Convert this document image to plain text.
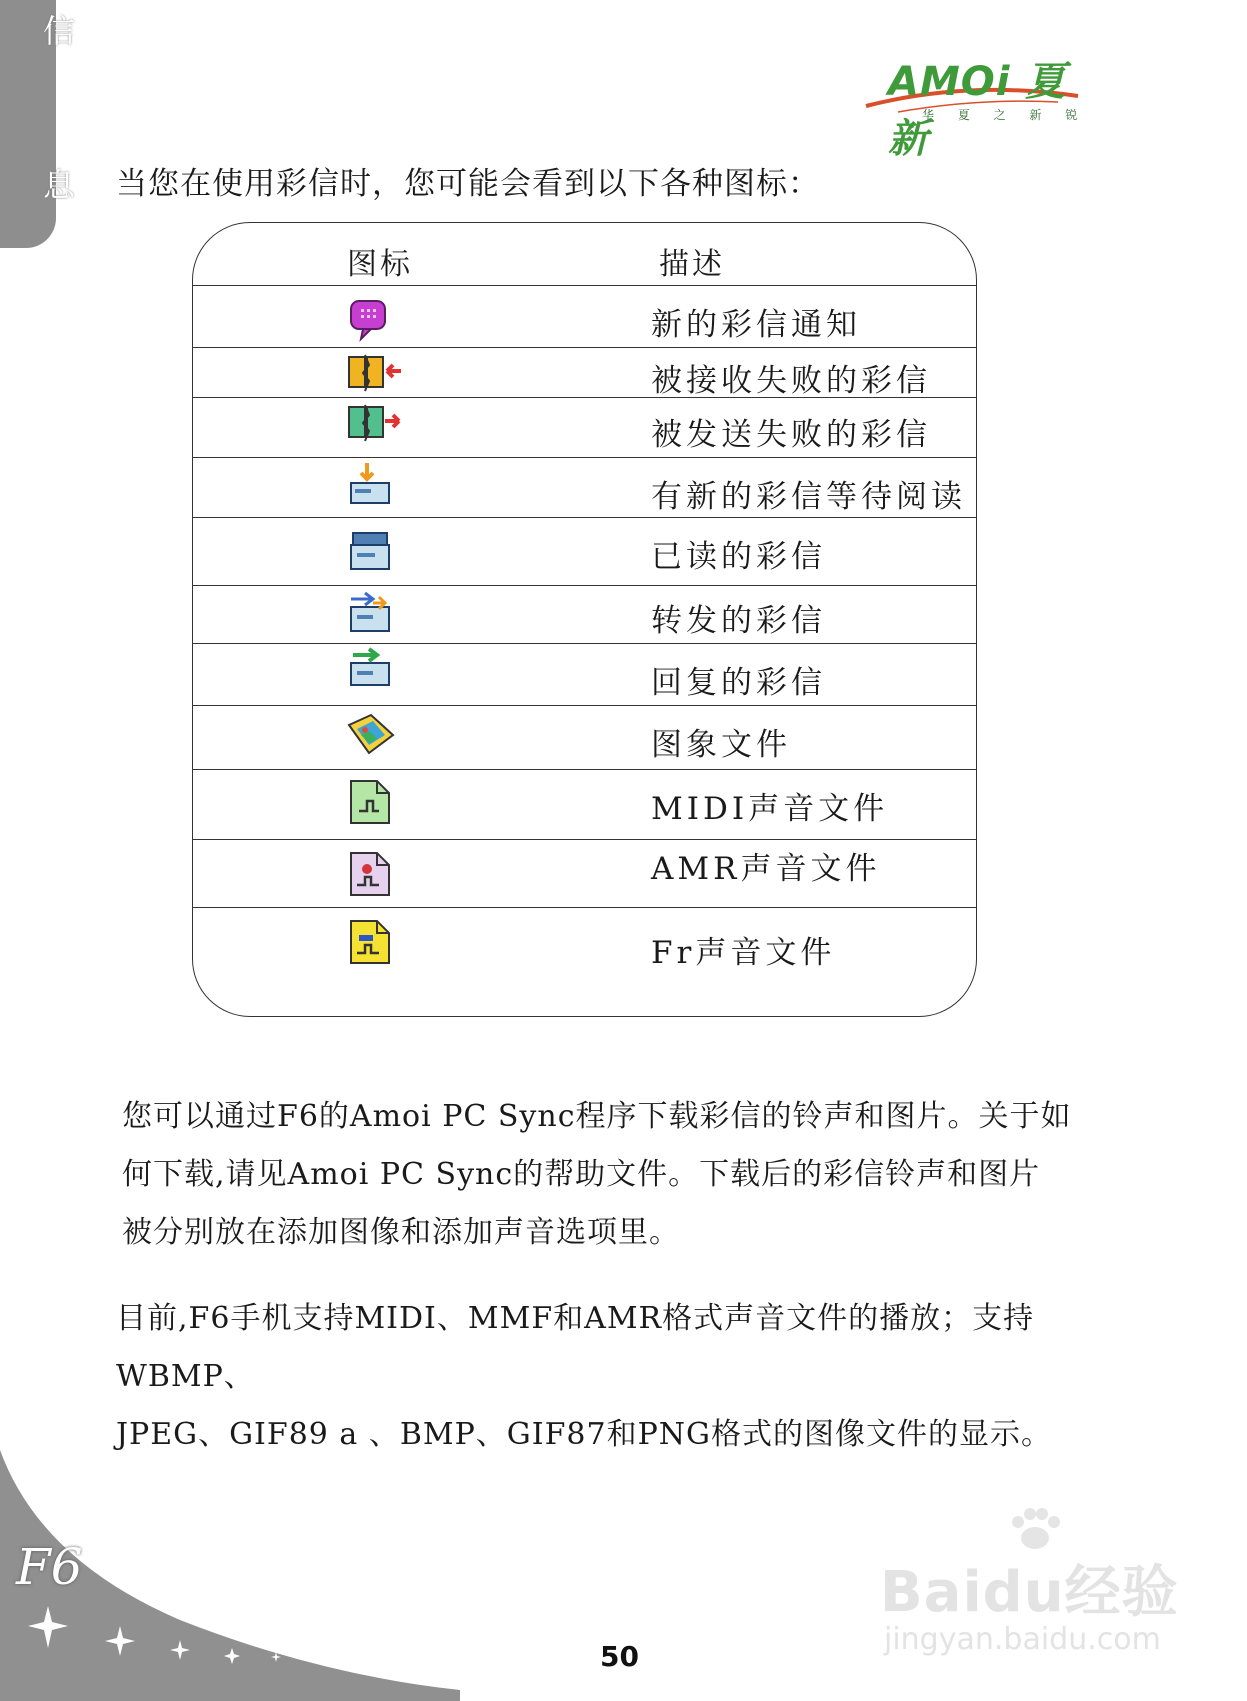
信
息
AMOi 夏新
华 夏 之 新 锐
当您在使用彩信时，您可能会看到以下各种图标：
图标	描述
新的彩信通知
被接收失败的彩信
被发送失败的彩信
有新的彩信等待阅读
已读的彩信
转发的彩信
回复的彩信
图象文件
MIDI声音文件
AMR声音文件
Fr声音文件
您可以通过F6的Amoi PC Sync程序下载彩信的铃声和图片。关于如
何下载,请见Amoi PC Sync的帮助文件。下载后的彩信铃声和图片
被分别放在添加图像和添加声音选项里。
目前,F6手机支持MIDI、MMF和AMR格式声音文件的播放；支持WBMP、
JPEG、GIF89 a 、BMP、GIF87和PNG格式的图像文件的显示。
F6
50
Baidu经验
jingyan.baidu.com
